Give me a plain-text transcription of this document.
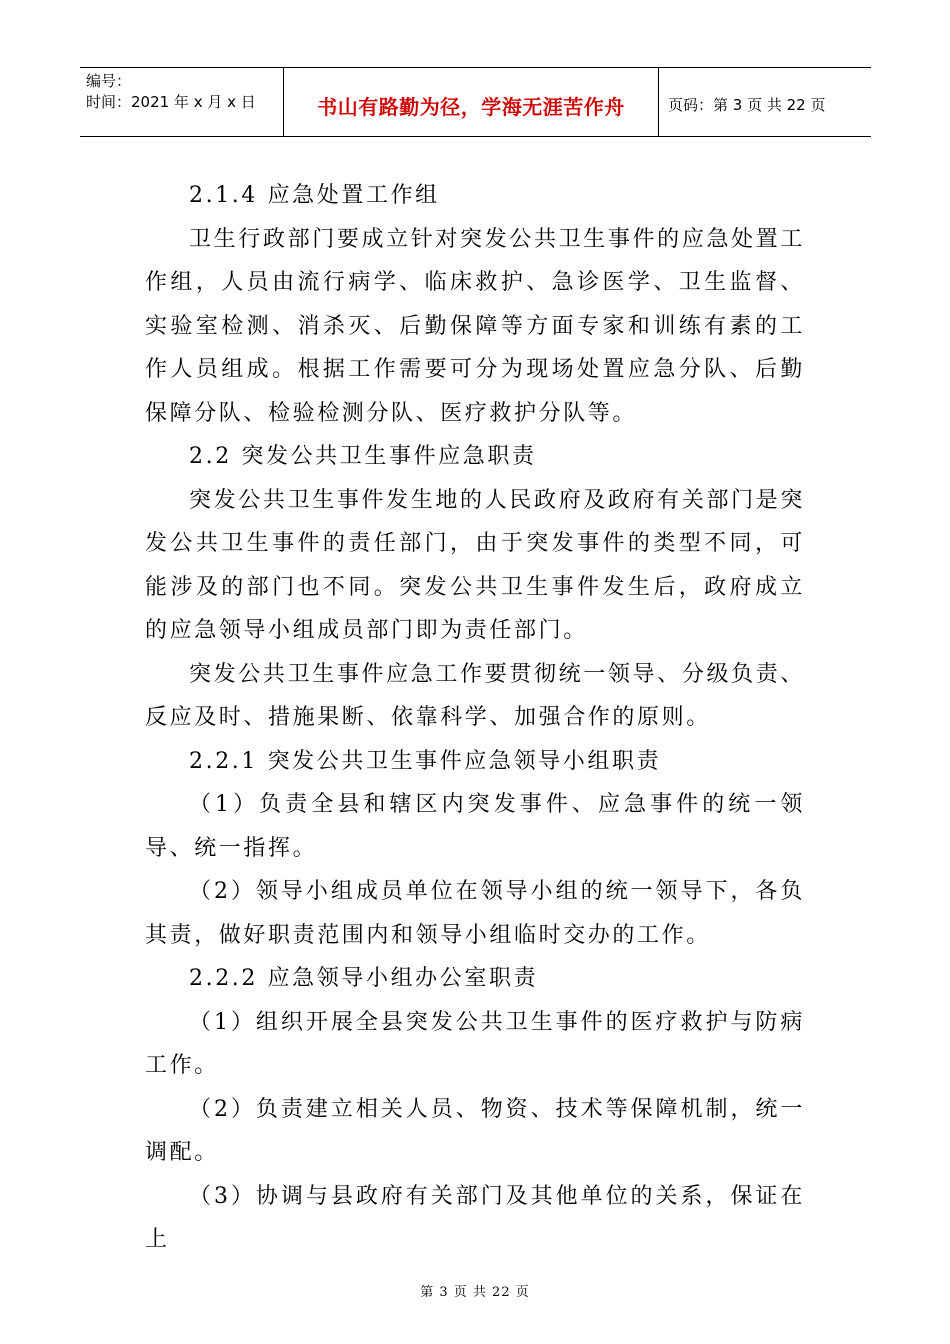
编号：
时间：2021 年 x 月 x 日	书山有路勤为径，学海无涯苦作舟	页码：第 3 页 共 22 页

2.1.4 应急处置工作组

卫生行政部门要成立针对突发公共卫生事件的应急处置工作组，人员由流行病学、临床救护、急诊医学、卫生监督、实验室检测、消杀灭、后勤保障等方面专家和训练有素的工作人员组成。根据工作需要可分为现场处置应急分队、后勤保障分队、检验检测分队、医疗救护分队等。

2.2 突发公共卫生事件应急职责

突发公共卫生事件发生地的人民政府及政府有关部门是突发公共卫生事件的责任部门，由于突发事件的类型不同，可能涉及的部门也不同。突发公共卫生事件发生后，政府成立的应急领导小组成员部门即为责任部门。

突发公共卫生事件应急工作要贯彻统一领导、分级负责、反应及时、措施果断、依靠科学、加强合作的原则。

2.2.1 突发公共卫生事件应急领导小组职责

（1）负责全县和辖区内突发事件、应急事件的统一领导、统一指挥。

（2）领导小组成员单位在领导小组的统一领导下，各负其责，做好职责范围内和领导小组临时交办的工作。

2.2.2 应急领导小组办公室职责

（1）组织开展全县突发公共卫生事件的医疗救护与防病工作。

（2）负责建立相关人员、物资、技术等保障机制，统一调配。

（3）协调与县政府有关部门及其他单位的关系，保证在上

第 3 页 共 22 页
